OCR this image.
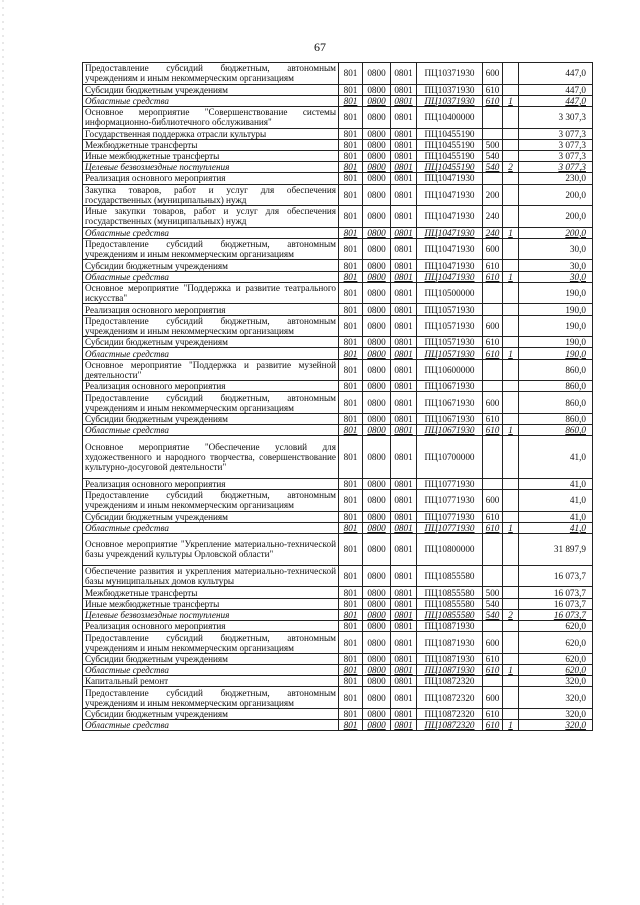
67
Предоставление субсидий бюджетным, автономным учреждениям и иным некоммерческим организациям	801	0800	0801	ПЦ10371930	600		447,0
Субсидии бюджетным учреждениям	801	0800	0801	ПЦ10371930	610		447,0
Областные средства	801	0800	0801	ПЦ10371930	610	1	447,0
Основное мероприятие "Совершенствование системы информационно-библиотечного обслуживания"	801	0800	0801	ПЦ10400000			3 307,3
Государственная поддержка отрасли культуры	801	0800	0801	ПЦ10455190			3 077,3
Межбюджетные трансферты	801	0800	0801	ПЦ10455190	500		3 077,3
Иные межбюджетные трансферты	801	0800	0801	ПЦ10455190	540		3 077,3
Целевые безвозмездные поступления	801	0800	0801	ПЦ10455190	540	2	3 077,3
Реализация основного мероприятия	801	0800	0801	ПЦ10471930			230,0
Закупка товаров, работ и услуг для обеспечения государственных (муниципальных) нужд	801	0800	0801	ПЦ10471930	200		200,0
Иные закупки товаров, работ и услуг для обеспечения государственных (муниципальных) нужд	801	0800	0801	ПЦ10471930	240		200,0
Областные средства	801	0800	0801	ПЦ10471930	240	1	200,0
Предоставление субсидий бюджетным, автономным учреждениям и иным некоммерческим организациям	801	0800	0801	ПЦ10471930	600		30,0
Субсидии бюджетным учреждениям	801	0800	0801	ПЦ10471930	610		30,0
Областные средства	801	0800	0801	ПЦ10471930	610	1	30,0
Основное мероприятие "Поддержка и развитие театрального искусства"	801	0800	0801	ПЦ10500000			190,0
Реализация основного мероприятия	801	0800	0801	ПЦ10571930			190,0
Предоставление субсидий бюджетным, автономным учреждениям и иным некоммерческим организациям	801	0800	0801	ПЦ10571930	600		190,0
Субсидии бюджетным учреждениям	801	0800	0801	ПЦ10571930	610		190,0
Областные средства	801	0800	0801	ПЦ10571930	610	1	190,0
Основное мероприятие "Поддержка и развитие музейной деятельности"	801	0800	0801	ПЦ10600000			860,0
Реализация основного мероприятия	801	0800	0801	ПЦ10671930			860,0
Предоставление субсидий бюджетным, автономным учреждениям и иным некоммерческим организациям	801	0800	0801	ПЦ10671930	600		860,0
Субсидии бюджетным учреждениям	801	0800	0801	ПЦ10671930	610		860,0
Областные средства	801	0800	0801	ПЦ10671930	610	1	860,0
Основное мероприятие "Обеспечение условий для художественного и народного творчества, совершенствование культурно-досуговой деятельности"	801	0800	0801	ПЦ10700000			41,0
Реализация основного мероприятия	801	0800	0801	ПЦ10771930			41,0
Предоставление субсидий бюджетным, автономным учреждениям и иным некоммерческим организациям	801	0800	0801	ПЦ10771930	600		41,0
Субсидии бюджетным учреждениям	801	0800	0801	ПЦ10771930	610		41,0
Областные средства	801	0800	0801	ПЦ10771930	610	1	41,0
Основное мероприятие "Укрепление материально-технической базы учреждений культуры Орловской области"	801	0800	0801	ПЦ10800000			31 897,9
Обеспечение развития и укрепления материально-технической базы муниципальных домов культуры	801	0800	0801	ПЦ10855580			16 073,7
Межбюджетные трансферты	801	0800	0801	ПЦ10855580	500		16 073,7
Иные межбюджетные трансферты	801	0800	0801	ПЦ10855580	540		16 073,7
Целевые безвозмездные поступления	801	0800	0801	ПЦ10855580	540	2	16 073,7
Реализация основного мероприятия	801	0800	0801	ПЦ10871930			620,0
Предоставление субсидий бюджетным, автономным учреждениям и иным некоммерческим организациям	801	0800	0801	ПЦ10871930	600		620,0
Субсидии бюджетным учреждениям	801	0800	0801	ПЦ10871930	610		620,0
Областные средства	801	0800	0801	ПЦ10871930	610	1	620,0
Капитальный ремонт	801	0800	0801	ПЦ10872320			320,0
Предоставление субсидий бюджетным, автономным учреждениям и иным некоммерческим организациям	801	0800	0801	ПЦ10872320	600		320,0
Субсидии бюджетным учреждениям	801	0800	0801	ПЦ10872320	610		320,0
Областные средства	801	0800	0801	ПЦ10872320	610	1	320,0
